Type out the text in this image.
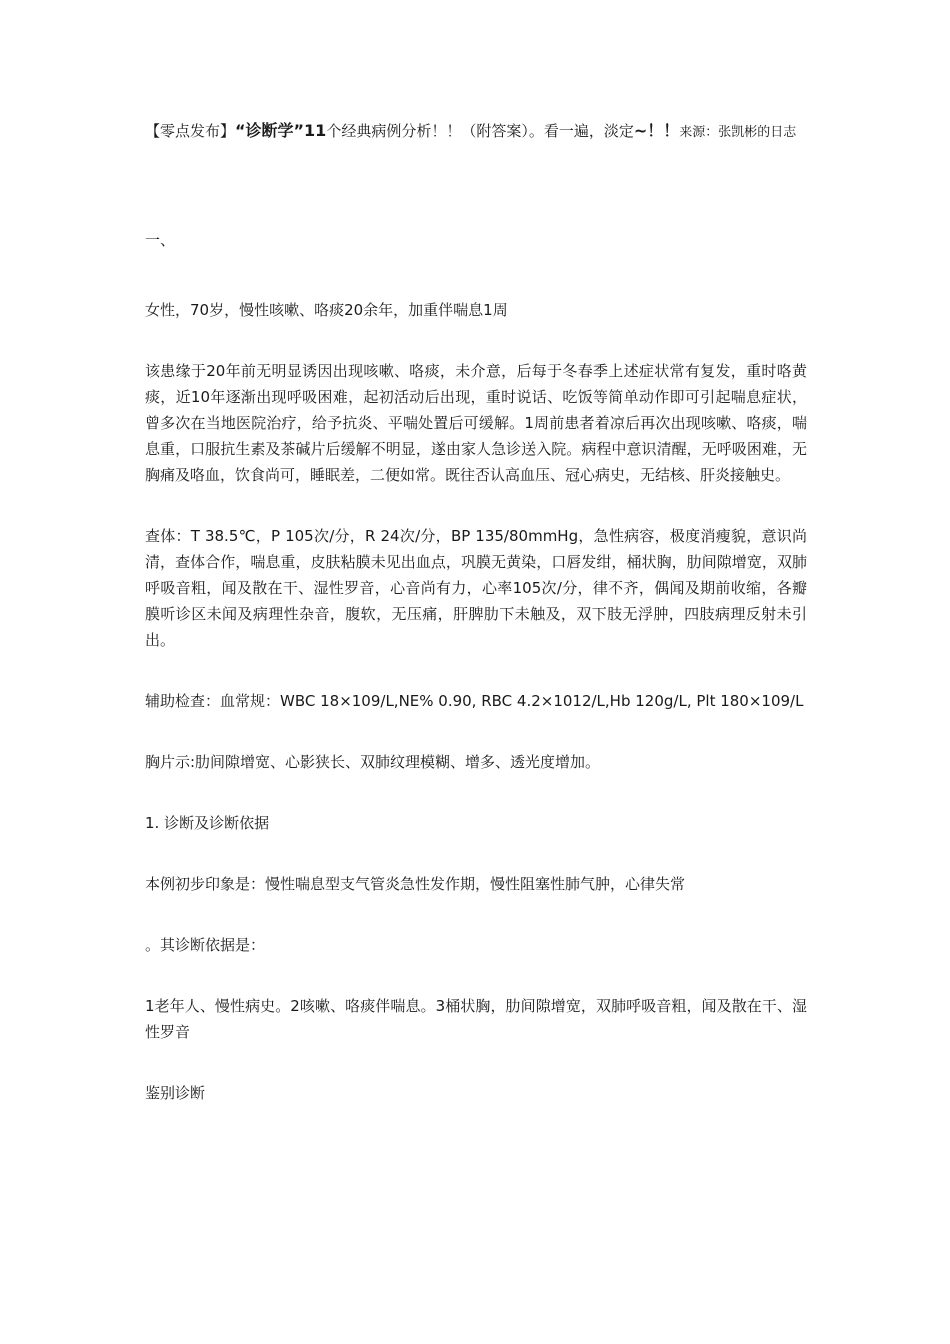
【零点发布】“诊断学”11个经典病例分析！！（附答案）。看一遍，淡定~！！来源：张凯彬的日志

一、

女性，70岁，慢性咳嗽、咯痰20余年，加重伴喘息1周

该患缘于20年前无明显诱因出现咳嗽、咯痰，未介意，后每于冬春季上述症状常有复发，重时咯黄痰，近10年逐渐出现呼吸困难，起初活动后出现，重时说话、吃饭等简单动作即可引起喘息症状，曾多次在当地医院治疗，给予抗炎、平喘处置后可缓解。1周前患者着凉后再次出现咳嗽、咯痰，喘息重，口服抗生素及茶碱片后缓解不明显，遂由家人急诊送入院。病程中意识清醒，无呼吸困难，无胸痛及咯血，饮食尚可，睡眠差，二便如常。既往否认高血压、冠心病史，无结核、肝炎接触史。

查体：T 38.5℃，P 105次/分，R 24次/分，BP 135/80mmHg，急性病容，极度消瘦貌，意识尚清，查体合作，喘息重，皮肤粘膜未见出血点，巩膜无黄染，口唇发绀，桶状胸，肋间隙增宽，双肺呼吸音粗，闻及散在干、湿性罗音，心音尚有力，心率105次/分，律不齐，偶闻及期前收缩，各瓣膜听诊区未闻及病理性杂音，腹软，无压痛，肝脾肋下未触及，双下肢无浮肿，四肢病理反射未引出。

辅助检查：血常规：WBC 18×109/L,NE% 0.90, RBC 4.2×1012/L,Hb 120g/L, Plt 180×109/L

胸片示:肋间隙增宽、心影狭长、双肺纹理模糊、增多、透光度增加。

1. 诊断及诊断依据

本例初步印象是：慢性喘息型支气管炎急性发作期，慢性阻塞性肺气肿，心律失常

。其诊断依据是：

1老年人、慢性病史。2咳嗽、咯痰伴喘息。3桶状胸，肋间隙增宽，双肺呼吸音粗，闻及散在干、湿性罗音

鉴别诊断
